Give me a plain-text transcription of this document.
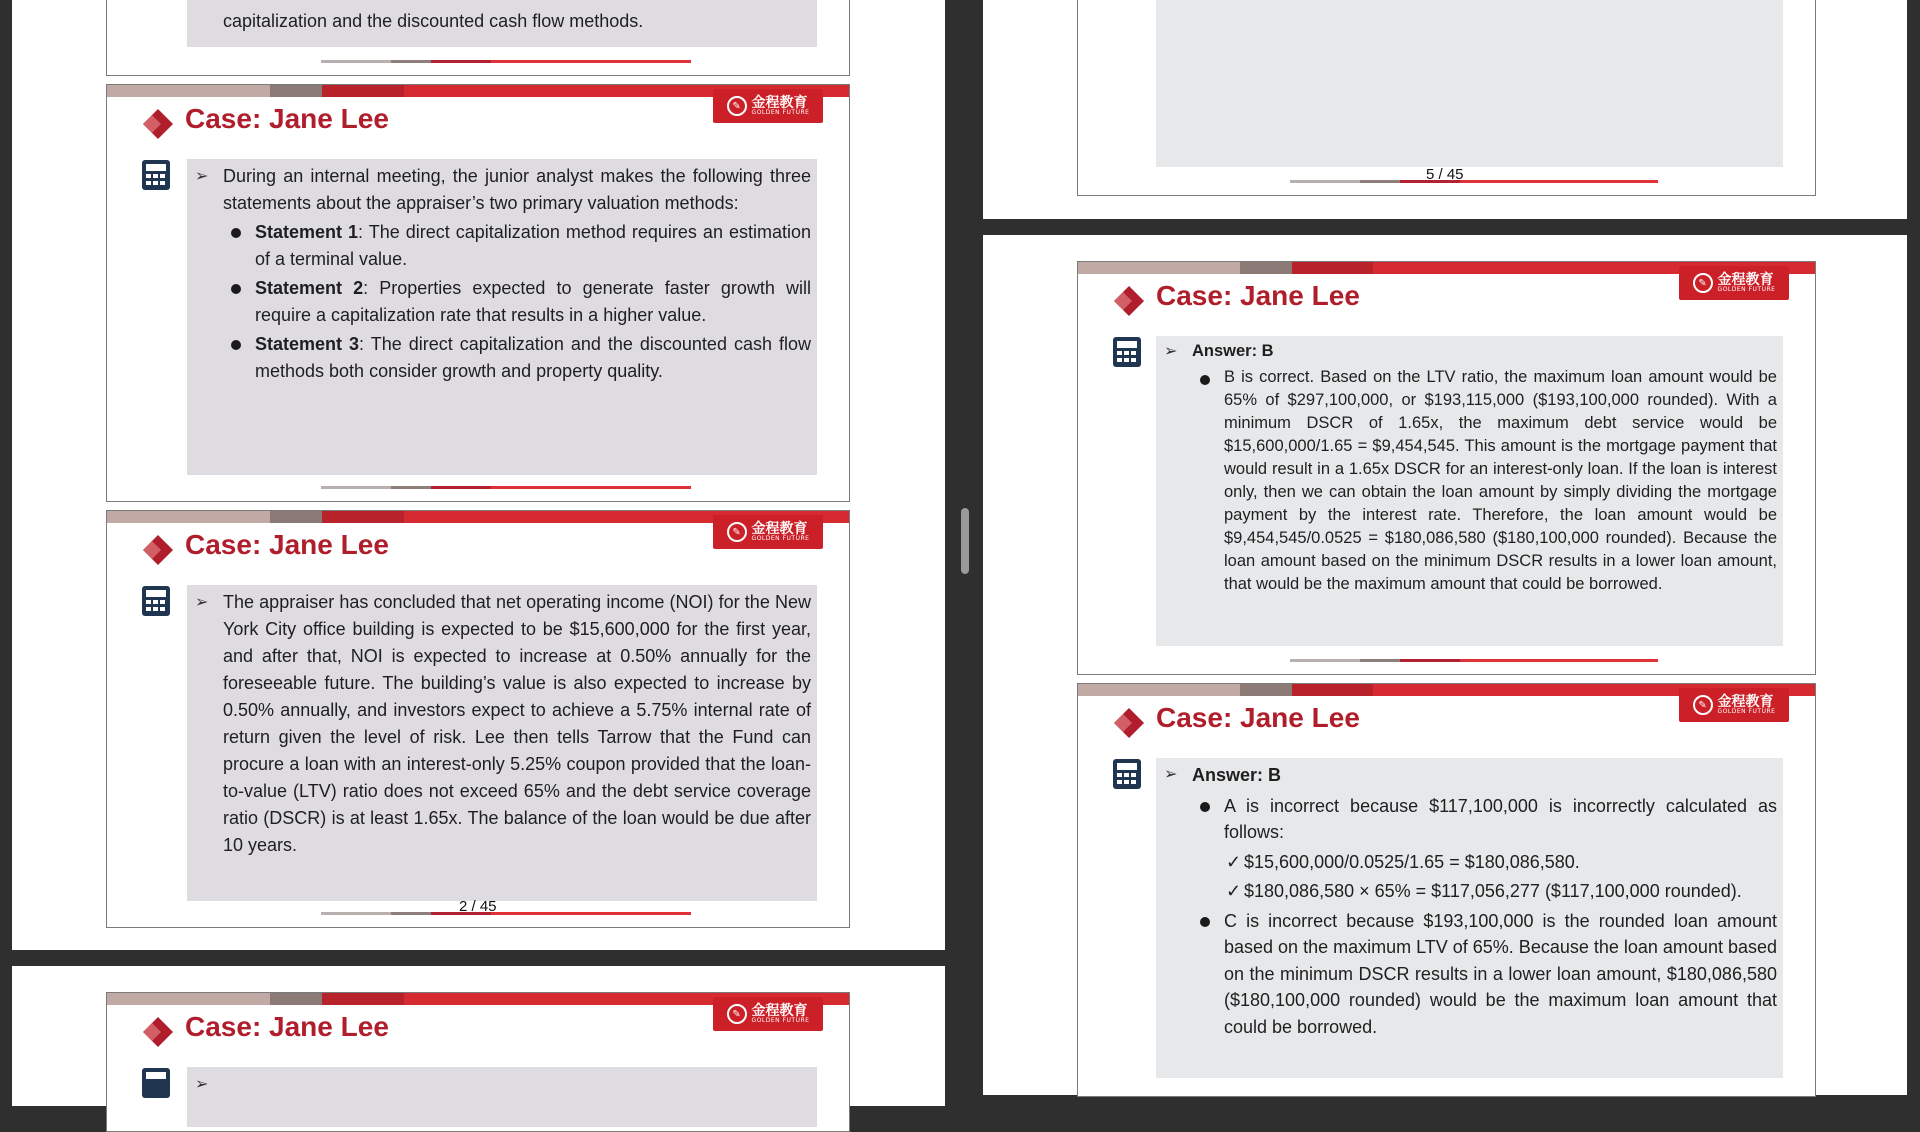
capitalization and the discounted cash flow methods.
✎ 金程教育
GOLDEN FUTURE
Case: Jane Lee
➢ During an internal meeting, the junior analyst makes the following three statements about the appraiser’s two primary valuation methods:
Statement 1: The direct capitalization method requires an estimation of a terminal value.
Statement 2: Properties expected to generate faster growth will require a capitalization rate that results in a higher value.
Statement 3: The direct capitalization and the discounted cash flow methods both consider growth and property quality.
✎ 金程教育
GOLDEN FUTURE
Case: Jane Lee
➢ The appraiser has concluded that net operating income (NOI) for the New York City office building is expected to be $15,600,000 for the first year, and after that, NOI is expected to increase at 0.50% annually for the foreseeable future. The building’s value is also expected to increase by 0.50% annually, and investors expect to achieve a 5.75% internal rate of return given the level of risk. Lee then tells Tarrow that the Fund can procure a loan with an interest-only 5.25% coupon provided that the loan-to-value (LTV) ratio does not exceed 65% and the debt service coverage ratio (DSCR) is at least 1.65x. The balance of the loan would be due after 10 years.
2 / 45
✎ 金程教育
GOLDEN FUTURE
Case: Jane Lee
➢
5 / 45
✎ 金程教育
GOLDEN FUTURE
Case: Jane Lee
➢ Answer: B
B is correct. Based on the LTV ratio, the maximum loan amount would be 65% of $297,100,000, or $193,115,000 ($193,100,000 rounded). With a minimum DSCR of 1.65x, the maximum debt service would be $15,600,000/1.65 = $9,454,545. This amount is the mortgage payment that would result in a 1.65x DSCR for an interest-only loan. If the loan is interest only, then we can obtain the loan amount by simply dividing the mortgage payment by the interest rate. Therefore, the loan amount would be $9,454,545/0.0525 = $180,086,580 ($180,100,000 rounded). Because the loan amount based on the minimum DSCR results in a lower loan amount, that would be the maximum amount that could be borrowed.
✎ 金程教育
GOLDEN FUTURE
Case: Jane Lee
➢ Answer: B
A is incorrect because $117,100,000 is incorrectly calculated as follows:
✓ $15,600,000/0.0525/1.65 = $180,086,580.
✓ $180,086,580 × 65% = $117,056,277 ($117,100,000 rounded).
C is incorrect because $193,100,000 is the rounded loan amount based on the maximum LTV of 65%. Because the loan amount based on the minimum DSCR results in a lower loan amount, $180,086,580 ($180,100,000 rounded) would be the maximum loan amount that could be borrowed.
